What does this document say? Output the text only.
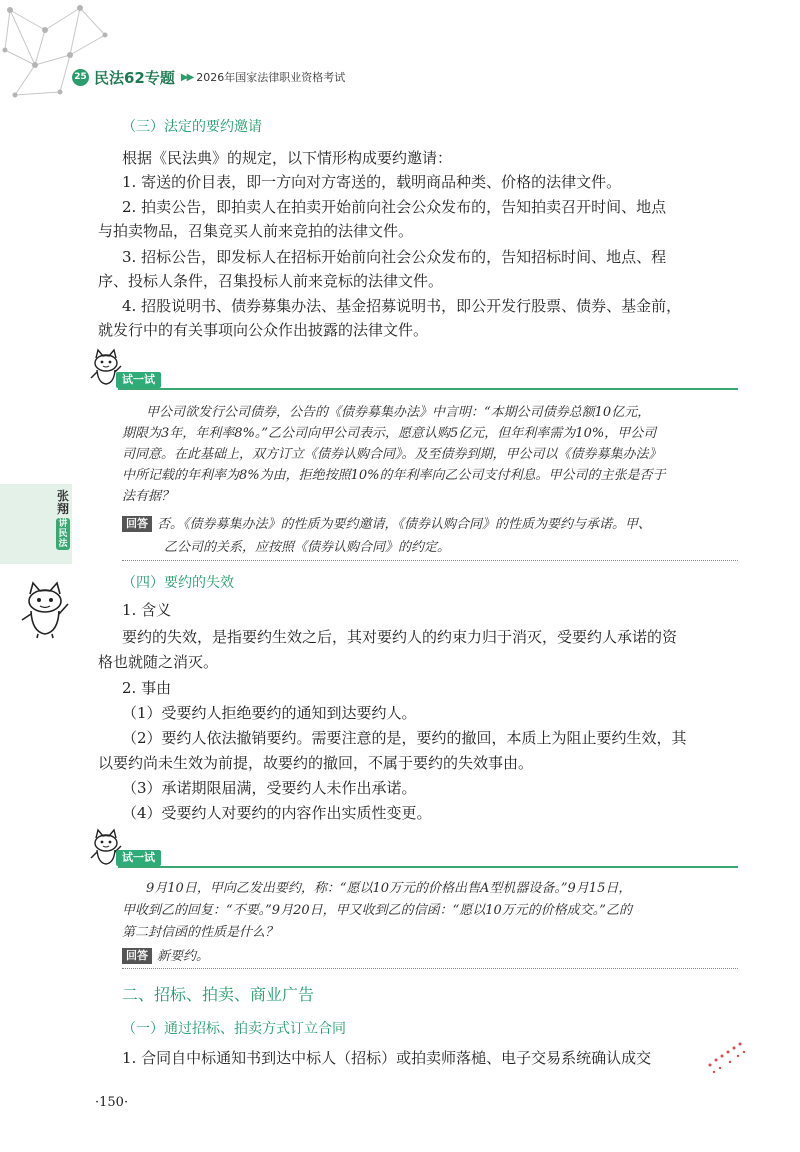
25 民法62专题 ▶▶ 2026年国家法律职业资格考试
张翔
讲民法
（三）法定的要约邀请
根据《民法典》的规定，以下情形构成要约邀请：
1. 寄送的价目表，即一方向对方寄送的，载明商品种类、价格的法律文件。
2. 拍卖公告，即拍卖人在拍卖开始前向社会公众发布的，告知拍卖召开时间、地点
与拍卖物品，召集竞买人前来竞拍的法律文件。
3. 招标公告，即发标人在招标开始前向社会公众发布的，告知招标时间、地点、程
序、投标人条件，召集投标人前来竞标的法律文件。
4. 招股说明书、债券募集办法、基金招募说明书，即公开发行股票、债券、基金前，
就发行中的有关事项向公众作出披露的法律文件。
试一试
甲公司欲发行公司债券，公告的《债券募集办法》中言明：“本期公司债券总额10亿元，
期限为3年，年利率8%。”乙公司向甲公司表示，愿意认购5亿元，但年利率需为10%，甲公司
司同意。在此基础上，双方订立《债券认购合同》。及至债券到期，甲公司以《债券募集办法》
中所记载的年利率为8%为由，拒绝按照10%的年利率向乙公司支付利息。甲公司的主张是否于
法有据？
回答 否。《债券募集办法》的性质为要约邀请，《债券认购合同》的性质为要约与承诺。甲、
乙公司的关系，应按照《债券认购合同》的约定。
（四）要约的失效
1. 含义
要约的失效，是指要约生效之后，其对要约人的约束力归于消灭，受要约人承诺的资
格也就随之消灭。
2. 事由
（1）受要约人拒绝要约的通知到达要约人。
（2）要约人依法撤销要约。需要注意的是，要约的撤回，本质上为阻止要约生效，其
以要约尚未生效为前提，故要约的撤回，不属于要约的失效事由。
（3）承诺期限届满，受要约人未作出承诺。
（4）受要约人对要约的内容作出实质性变更。
试一试
9月10日，甲向乙发出要约，称：“愿以10万元的价格出售A型机器设备。”9月15日，
甲收到乙的回复：“不要。”9月20日，甲又收到乙的信函：“愿以10万元的价格成交。”乙的
第二封信函的性质是什么？
回答 新要约。
二、招标、拍卖、商业广告
（一）通过招标、拍卖方式订立合同
1. 合同自中标通知书到达中标人（招标）或拍卖师落槌、电子交易系统确认成交
·150·
